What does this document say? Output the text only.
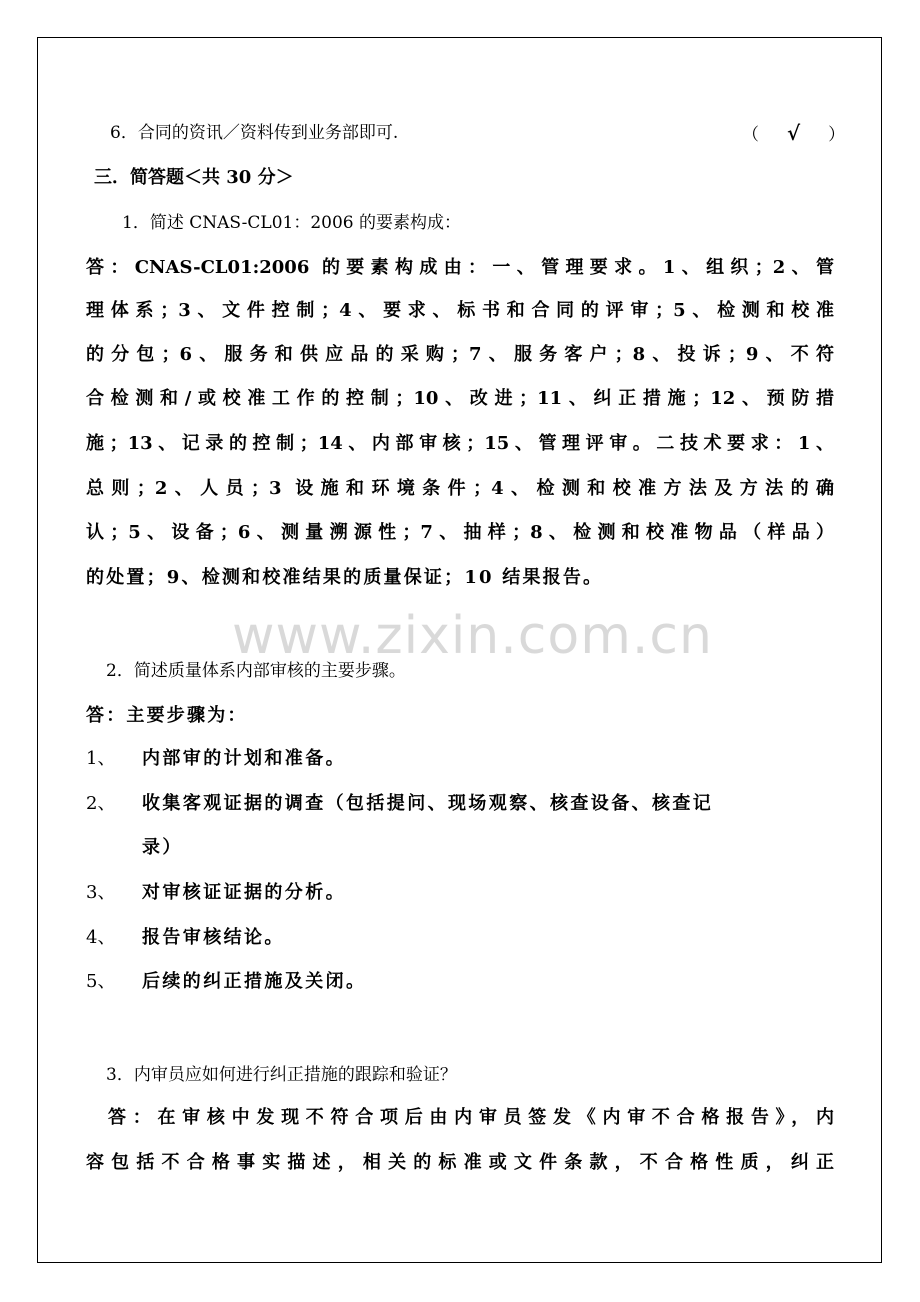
6．合同的资讯／资料传到业务部即可.	（ √ ）
三．简答题＜共 30 分＞
1．简述 CNAS-CL01：2006 的要素构成：
答：CNAS-CL01:2006 的要素构成由：一、管理要求。1、组织；2、管
理体系；3、文件控制；4、要求、标书和合同的评审；5、检测和校准
的分包；6、服务和供应品的采购；7、服务客户；8、投诉；9、不符
合检测和/或校准工作的控制；10、改进；11、纠正措施；12、预防措
施；13、记录的控制；14、内部审核；15、管理评审。二技术要求：1、
总则；2、人员；3 设施和环境条件；4、检测和校准方法及方法的确
认；5、设备；6、测量溯源性；7、抽样；8、检测和校准物品（样品）
的处置；9、检测和校准结果的质量保证；10 结果报告。
www.zixin.com.cn
2．简述质量体系内部审核的主要步骤。
答：主要步骤为：
1、 内部审的计划和准备。
2、 收集客观证据的调查（包括提问、现场观察、核查设备、核查记
录）
3、 对审核证证据的分析。
4、 报告审核结论。
5、 后续的纠正措施及关闭。
3．内审员应如何进行纠正措施的跟踪和验证？
答：在审核中发现不符合项后由内审员签发《内审不合格报告》，内
容包括不合格事实描述，相关的标准或文件条款，不合格性质，纠正
